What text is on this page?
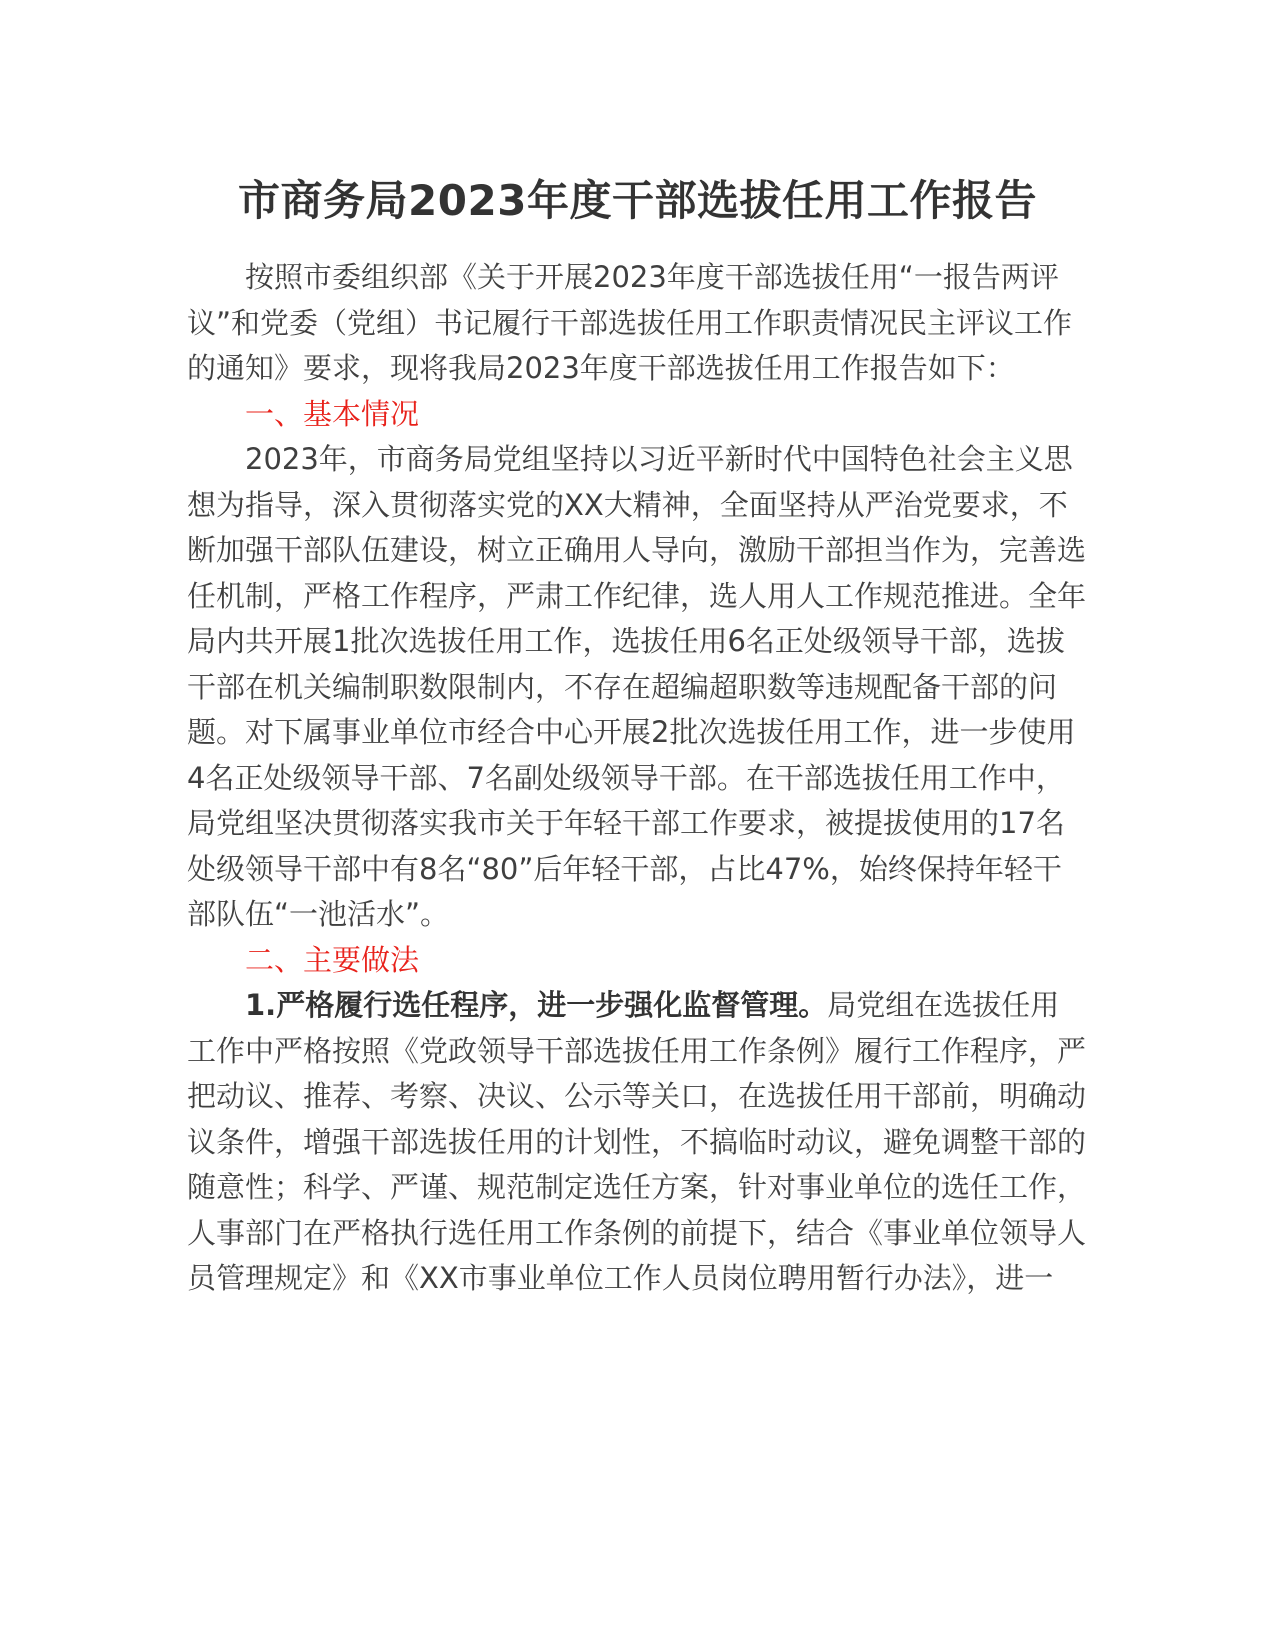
市商务局2023年度干部选拔任用工作报告

按照市委组织部《关于开展2023年度干部选拔任用“一报告两评议”和党委（党组）书记履行干部选拔任用工作职责情况民主评议工作的通知》要求，现将我局2023年度干部选拔任用工作报告如下：

一、基本情况

2023年，市商务局党组坚持以习近平新时代中国特色社会主义思想为指导，深入贯彻落实党的XX大精神，全面坚持从严治党要求，不断加强干部队伍建设，树立正确用人导向，激励干部担当作为，完善选任机制，严格工作程序，严肃工作纪律，选人用人工作规范推进。全年局内共开展1批次选拔任用工作，选拔任用6名正处级领导干部，选拔干部在机关编制职数限制内，不存在超编超职数等违规配备干部的问题。对下属事业单位市经合中心开展2批次选拔任用工作，进一步使用4名正处级领导干部、7名副处级领导干部。在干部选拔任用工作中，局党组坚决贯彻落实我市关于年轻干部工作要求，被提拔使用的17名处级领导干部中有8名“80”后年轻干部，占比47%，始终保持年轻干部队伍“一池活水”。

二、主要做法

1.严格履行选任程序，进一步强化监督管理。局党组在选拔任用工作中严格按照《党政领导干部选拔任用工作条例》履行工作程序，严把动议、推荐、考察、决议、公示等关口，在选拔任用干部前，明确动议条件，增强干部选拔任用的计划性，不搞临时动议，避免调整干部的随意性；科学、严谨、规范制定选任方案，针对事业单位的选任工作，人事部门在严格执行选任用工作条例的前提下，结合《事业单位领导人员管理规定》和《XX市事业单位工作人员岗位聘用暂行办法》，进一
